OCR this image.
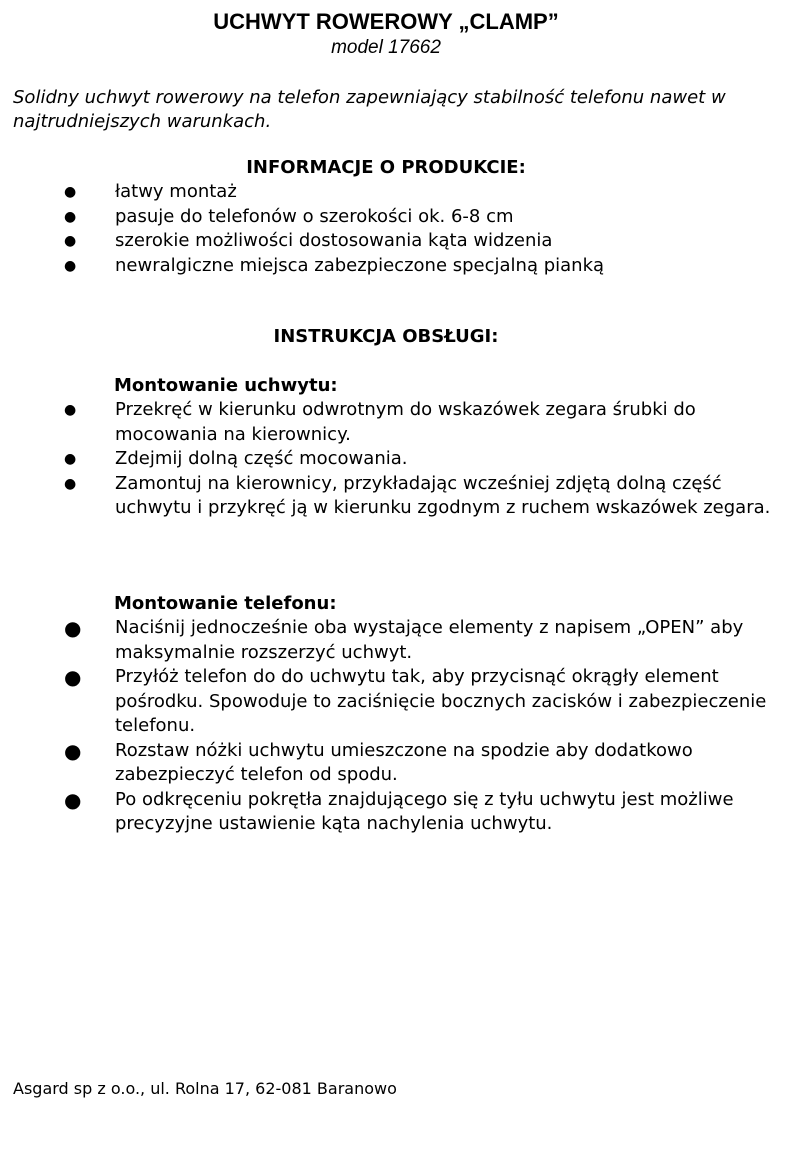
UCHWYT ROWEROWY „CLAMP”
model 17662
Solidny uchwyt rowerowy na telefon zapewniający stabilność telefonu nawet w najtrudniejszych warunkach.
INFORMACJE O PRODUKCIE:
● łatwy montaż
● pasuje do telefonów o szerokości ok. 6-8 cm
● szerokie możliwości dostosowania kąta widzenia
● newralgiczne miejsca zabezpieczone specjalną pianką
INSTRUKCJA OBSŁUGI:
Montowanie uchwytu:
● Przekręć w kierunku odwrotnym do wskazówek zegara śrubki do mocowania na kierownicy.
● Zdejmij dolną część mocowania.
● Zamontuj na kierownicy, przykładając wcześniej zdjętą dolną część uchwytu i przykręć ją w kierunku zgodnym z ruchem wskazówek zegara.
Montowanie telefonu:
● Naciśnij jednocześnie oba wystające elementy z napisem „OPEN” aby maksymalnie rozszerzyć uchwyt.
● Przyłóż telefon do do uchwytu tak, aby przycisnąć okrągły element pośrodku. Spowoduje to zaciśnięcie bocznych zacisków i zabezpieczenie telefonu.
● Rozstaw nóżki uchwytu umieszczone na spodzie aby dodatkowo zabezpieczyć telefon od spodu.
● Po odkręceniu pokrętła znajdującego się z tyłu uchwytu jest możliwe precyzyjne ustawienie kąta nachylenia uchwytu.
Asgard sp z o.o., ul. Rolna 17, 62-081 Baranowo
